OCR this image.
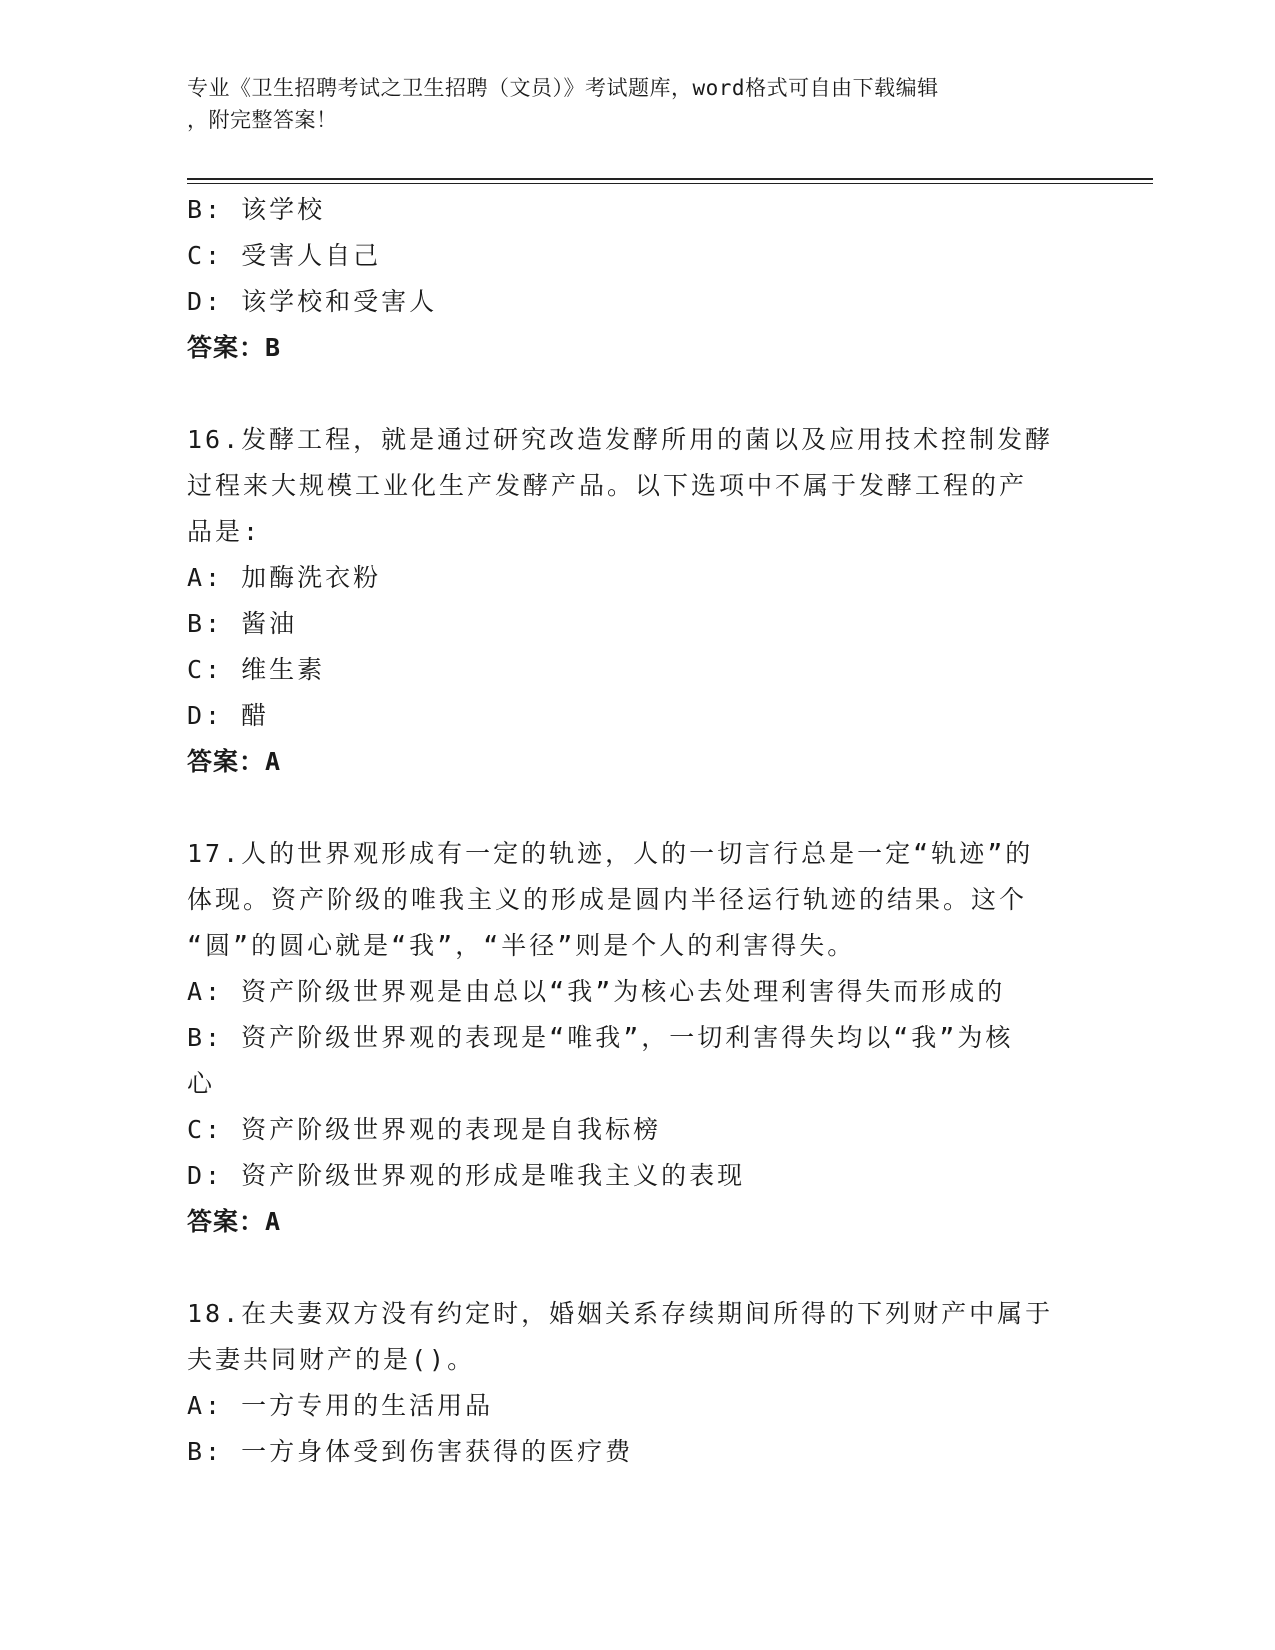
专业《卫生招聘考试之卫生招聘（文员）》考试题库，word格式可自由下载编辑
，附完整答案！
B: 该学校
C: 受害人自己
D: 该学校和受害人
答案：B
16.发酵工程，就是通过研究改造发酵所用的菌以及应用技术控制发酵
过程来大规模工业化生产发酵产品。以下选项中不属于发酵工程的产
品是:
A: 加酶洗衣粉
B: 酱油
C: 维生素
D: 醋
答案：A
17.人的世界观形成有一定的轨迹，人的一切言行总是一定“轨迹”的
体现。资产阶级的唯我主义的形成是圆内半径运行轨迹的结果。这个
“圆”的圆心就是“我”，“半径”则是个人的利害得失。
A: 资产阶级世界观是由总以“我”为核心去处理利害得失而形成的
B: 资产阶级世界观的表现是“唯我”，一切利害得失均以“我”为核
心
C: 资产阶级世界观的表现是自我标榜
D: 资产阶级世界观的形成是唯我主义的表现
答案：A
18.在夫妻双方没有约定时，婚姻关系存续期间所得的下列财产中属于
夫妻共同财产的是()。
A: 一方专用的生活用品
B: 一方身体受到伤害获得的医疗费
